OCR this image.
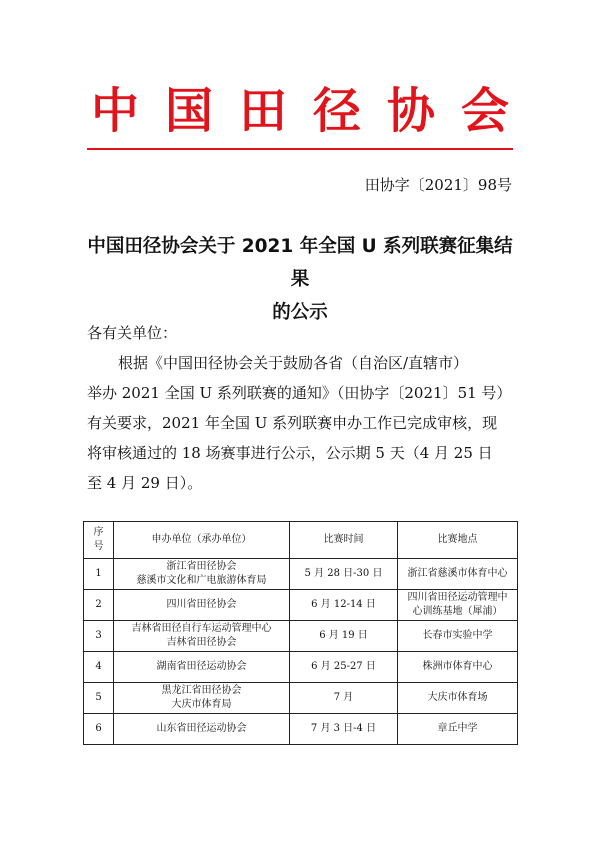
中国田径协会
田协字〔2021〕98号
中国田径协会关于 2021 年全国 U 系列联赛征集结果
的公示

各有关单位：

根据《中国田径协会关于鼓励各省（自治区/直辖市）
举办 2021 全国 U 系列联赛的通知》（田协字〔2021〕51 号）
有关要求，2021 年全国 U 系列联赛申办工作已完成审核，现
将审核通过的 18 场赛事进行公示，公示期 5 天（4 月 25 日
至 4 月 29 日）。

序
号	申办单位（承办单位）	比赛时间	比赛地点
1	浙江省田径协会
慈溪市文化和广电旅游体育局	5 月 28 日-30 日	浙江省慈溪市体育中心

2	四川省田径协会	6 月 12-14 日	四川省田径运动管理中
心训练基地（犀浦）

3	吉林省田径自行车运动管理中心
吉林省田径协会	6 月 19 日	长春市实验中学

4	湖南省田径运动协会	6 月 25-27 日	株洲市体育中心

5	黑龙江省田径协会
大庆市体育局	7 月	大庆市体育场

6	山东省田径运动协会	7 月 3 日-4 日	章丘中学
